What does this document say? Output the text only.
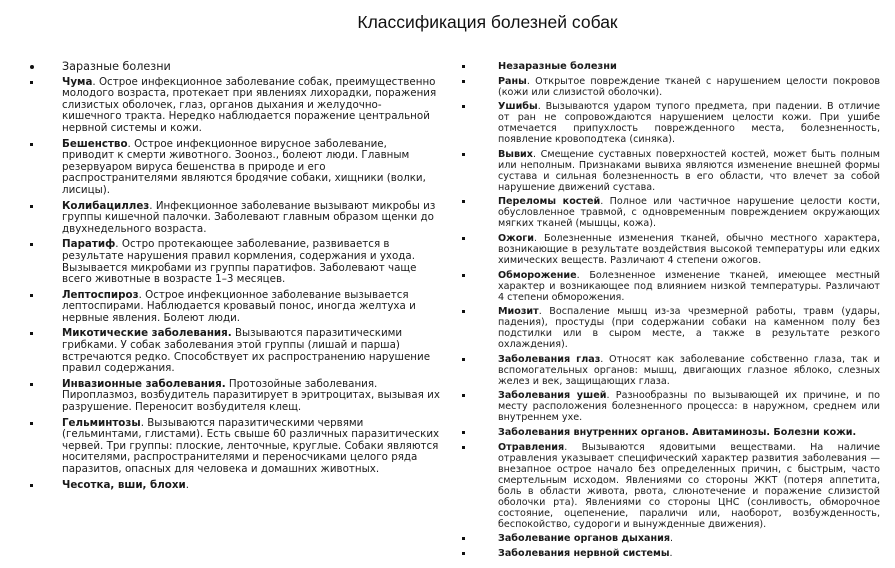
Классификация болезней собак
Заразные болезни
Чума. Острое инфекционное заболевание собак, преимущественно молодого возраста, протекает при явлениях лихорадки, поражения слизистых оболочек, глаз, органов дыхания и желудочно-кишечного тракта. Нередко наблюдается поражение центральной нервной системы и кожи.
Бешенство. Острое инфекционное вирусное заболевание, приводит к смерти животного. Зооноз., болеют люди. Главным резервуаром вируса бешенства в природе и его распространителями являются бродячие собаки, хищники (волки, лисицы).
Колибациллез. Инфекционное заболевание вызывают микробы из группы кишечной палочки. Заболевают главным образом щенки до двухнедельного возраста.
Паратиф. Остро протекающее заболевание, развивается в результате нарушения правил кормления, содержания и ухода. Вызывается микробами из группы паратифов. Заболевают чаще всего животные в возрасте 1–3 месяцев.
Лептоспироз. Острое инфекционное заболевание вызывается лептоспирами. Наблюдается кровавый понос, иногда желтуха и нервные явления. Болеют люди.
Микотические заболевания. Вызываются паразитическими грибками. У собак заболевания этой группы (лишай и парша) встречаются редко. Способствует их распространению нарушение правил содержания.
Инвазионные заболевания. Протозойные заболевания. Пироплазмоз, возбудитель паразитирует в эритроцитах, вызывая их разрушение. Переносит возбудителя клещ.
Гельминтозы. Вызываются паразитическими червями (гельминтами, глистами). Есть свыше 60 различных паразитических червей. Три группы: плоские, ленточные, круглые. Собаки являются носителями, распространителями и переносчиками целого ряда паразитов, опасных для человека и домашних животных.
Чесотка, вши, блохи.
Незаразные болезни
Раны. Открытое повреждение тканей с нарушением целости покровов (кожи или слизистой оболочки).
Ушибы. Вызываются ударом тупого предмета, при падении. В отличие от ран не сопровождаются нарушением целости кожи. При ушибе отмечается припухлость поврежденного места, болезненность, появление кровоподтека (синяка).
Вывих. Смещение суставных поверхностей костей, может быть полным или неполным. Признаками вывиха являются изменение внешней формы сустава и сильная болезненность в его области, что влечет за собой нарушение движений сустава.
Переломы костей. Полное или частичное нарушение целости кости, обусловленное травмой, с одновременным повреждением окружающих мягких тканей (мышцы, кожа).
Ожоги. Болезненные изменения тканей, обычно местного характера, возникающие в результате воздействия высокой температуры или едких химических веществ. Различают 4 степени ожогов.
Обморожение. Болезненное изменение тканей, имеющее местный характер и возникающее под влиянием низкой температуры. Различают 4 степени обморожения.
Миозит. Воспаление мышц из-за чрезмерной работы, травм (удары, падения), простуды (при содержании собаки на каменном полу без подстилки или в сыром месте, а также в результате резкого охлаждения).
Заболевания глаз. Относят как заболевание собственно глаза, так и вспомогательных органов: мышц, двигающих глазное яблоко, слезных желез и век, защищающих глаза.
Заболевания ушей. Разнообразны по вызывающей их причине, и по месту расположения болезненного процесса: в наружном, среднем или внутреннем ухе.
Заболевания внутренних органов. Авитаминозы. Болезни кожи.
Отравления. Вызываются ядовитыми веществами. На наличие отравления указывает специфический характер развития заболевания — внезапное острое начало без определенных причин, с быстрым, часто смертельным исходом. Явлениями со стороны ЖКТ (потеря аппетита, боль в области живота, рвота, слюнотечение и поражение слизистой оболочки рта). Явлениями со стороны ЦНС (сонливость, обморочное состояние, оцепенение, параличи или, наоборот, возбужденность, беспокойство, судороги и вынужденные движения).
Заболевание органов дыхания.
Заболевания нервной системы.
